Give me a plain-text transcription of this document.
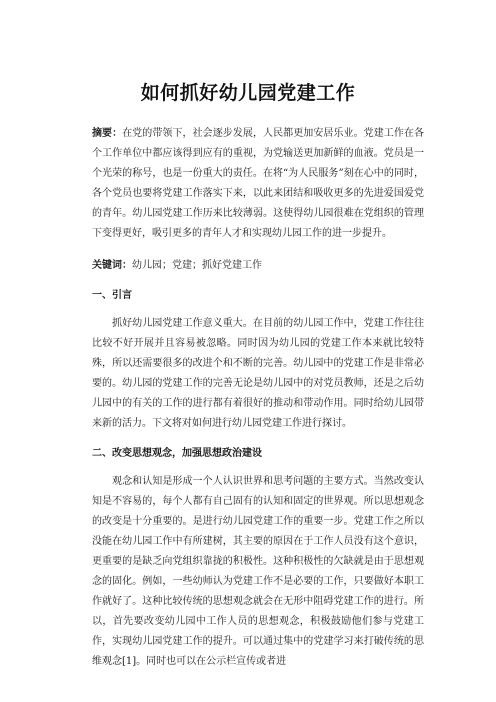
如何抓好幼儿园党建工作

摘要：在党的带领下，社会逐步发展，人民都更加安居乐业。党建工作在各个工作单位中都应该得到应有的重视，为党输送更加新鲜的血液。党员是一个光荣的称号，也是一份重大的责任。在将“为人民服务”刻在心中的同时，各个党员也要将党建工作落实下来，以此来团结和吸收更多的先进爱国爱党的青年。幼儿园党建工作历来比较薄弱。这使得幼儿园很难在党组织的管理下变得更好，吸引更多的青年人才和实现幼儿园工作的进一步提升。

关键词：幼儿园；党建；抓好党建工作

一、引言

抓好幼儿园党建工作意义重大。在目前的幼儿园工作中，党建工作往往比较不好开展并且容易被忽略。同时因为幼儿园的党建工作本来就比较特殊，所以还需要很多的改进个和不断的完善。幼儿园中的党建工作是非常必要的。幼儿园的党建工作的完善无论是幼儿园中的对党员教师，还是之后幼儿园中的有关的工作的进行都有着很好的推动和带动作用。同时给幼儿园带来新的活力。下文将对如何进行幼儿园党建工作进行探讨。

二、改变思想观念，加强思想政治建设

观念和认知是形成一个人认识世界和思考问题的主要方式。当然改变认知是不容易的，每个人都有自己固有的认知和固定的世界观。所以思想观念的改变是十分重要的。是进行幼儿园党建工作的重要一步。党建工作之所以没能在幼儿园工作中有所建树，其主要的原因在于工作人员没有这个意识，更重要的是缺乏向党组织靠拢的积极性。这种积极性的欠缺就是由于思想观念的固化。例如，一些幼师认为党建工作不是必要的工作，只要做好本职工作就好了。这种比较传统的思想观念就会在无形中阻碍党建工作的进行。所以，首先要改变幼儿园中工作人员的思想观念，积极鼓励他们参与党建工作，实现幼儿园党建工作的提升。可以通过集中的党建学习来打破传统的思维观念[1]。同时也可以在公示栏宣传或者进
